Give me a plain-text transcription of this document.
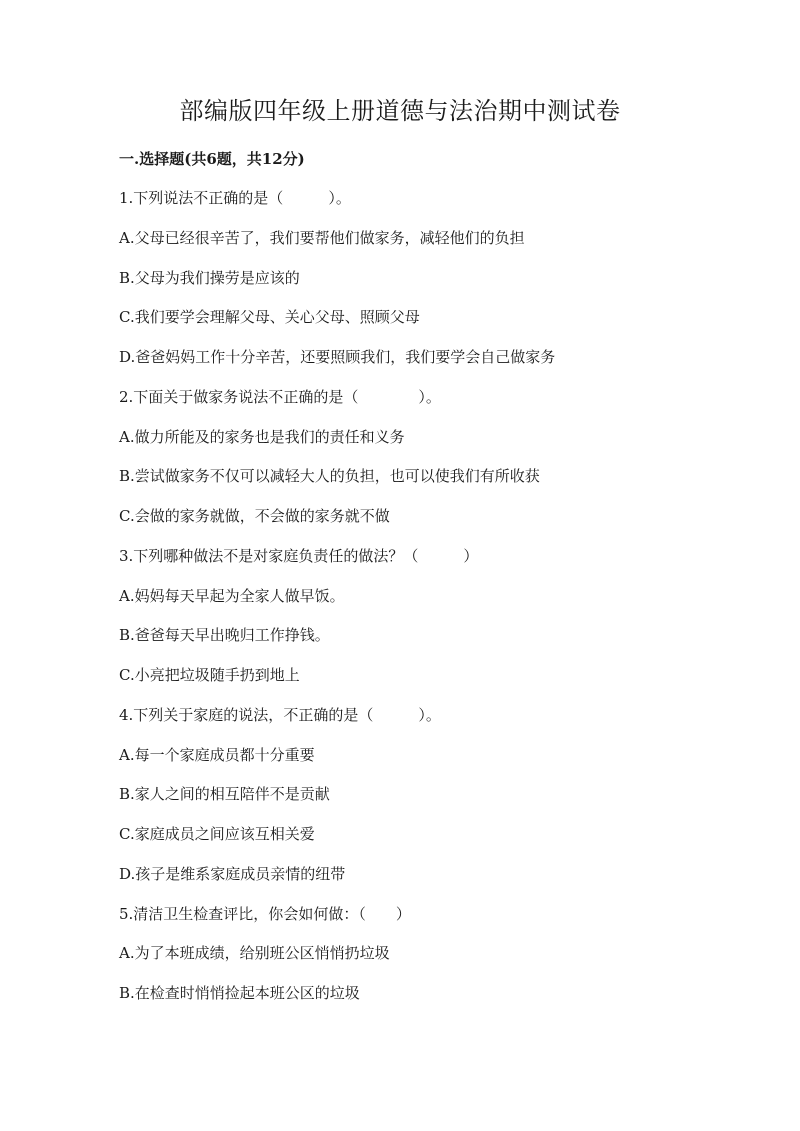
部编版四年级上册道德与法治期中测试卷
一.选择题(共6题，共12分)
1.下列说法不正确的是（　　　）。
A.父母已经很辛苦了，我们要帮他们做家务，减轻他们的负担
B.父母为我们操劳是应该的
C.我们要学会理解父母、关心父母、照顾父母
D.爸爸妈妈工作十分辛苦，还要照顾我们，我们要学会自己做家务
2.下面关于做家务说法不正确的是（　　　　）。
A.做力所能及的家务也是我们的责任和义务
B.尝试做家务不仅可以减轻大人的负担，也可以使我们有所收获
C.会做的家务就做，不会做的家务就不做
3.下列哪种做法不是对家庭负责任的做法？（　　　）
A.妈妈每天早起为全家人做早饭。
B.爸爸每天早出晚归工作挣钱。
C.小亮把垃圾随手扔到地上
4.下列关于家庭的说法，不正确的是（　　　）。
A.每一个家庭成员都十分重要
B.家人之间的相互陪伴不是贡献
C.家庭成员之间应该互相关爱
D.孩子是维系家庭成员亲情的纽带
5.清洁卫生检查评比，你会如何做：（　　）
A.为了本班成绩，给别班公区悄悄扔垃圾
B.在检查时悄悄捡起本班公区的垃圾
